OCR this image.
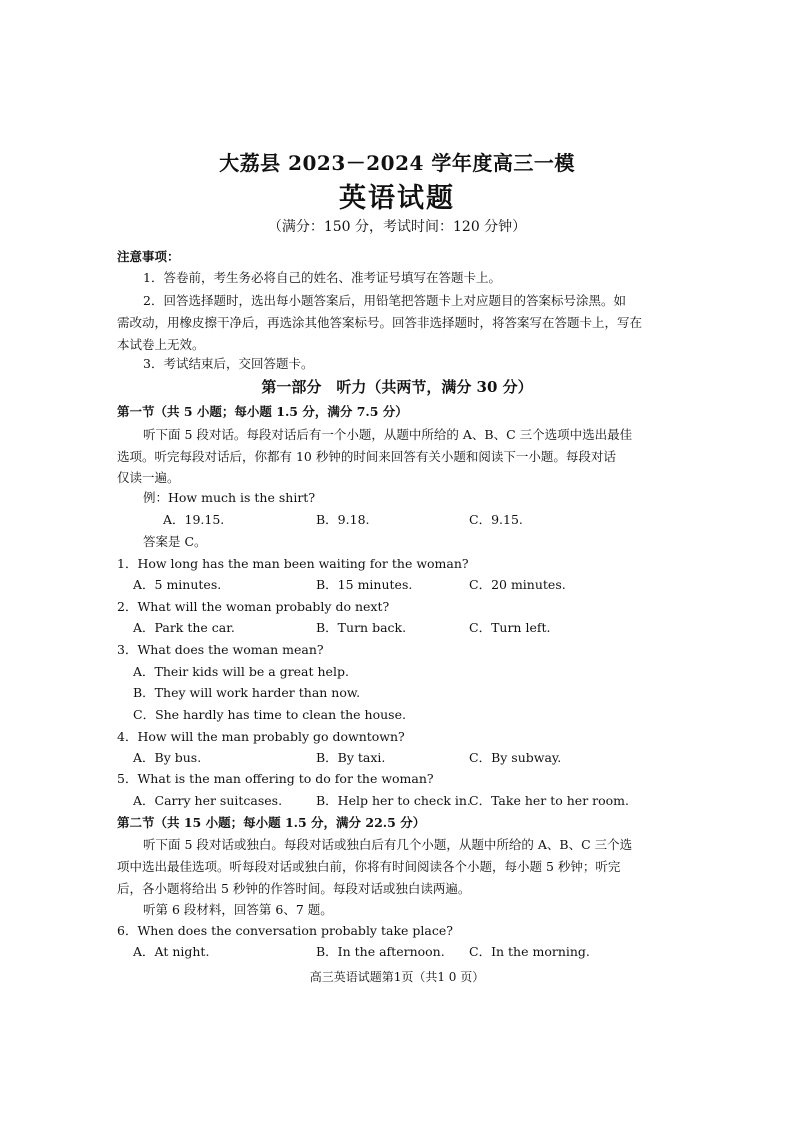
大荔县 2023－2024 学年度高三一模
英语试题
（满分：150 分，考试时间：120 分钟）
注意事项：
1．答卷前，考生务必将自己的姓名、准考证号填写在答题卡上。
2．回答选择题时，选出每小题答案后，用铅笔把答题卡上对应题目的答案标号涂黑。如
需改动，用橡皮擦干净后，再选涂其他答案标号。回答非选择题时，将答案写在答题卡上，写在
本试卷上无效。
3．考试结束后，交回答题卡。
第一部分　听力（共两节，满分 30 分）
第一节（共 5 小题；每小题 1.5 分，满分 7.5 分）
听下面 5 段对话。每段对话后有一个小题，从题中所给的 A、B、C 三个选项中选出最佳
选项。听完每段对话后，你都有 10 秒钟的时间来回答有关小题和阅读下一小题。每段对话
仅读一遍。
例：How much is the shirt?
A．19.15.	B．9.18.	C．9.15.
答案是 C。
1．How long has the man been waiting for the woman?
A．5 minutes.	B．15 minutes.	C．20 minutes.
2．What will the woman probably do next?
A．Park the car.	B．Turn back.	C．Turn left.
3．What does the woman mean?
A．Their kids will be a great help.
B．They will work harder than now.
C．She hardly has time to clean the house.
4．How will the man probably go downtown?
A．By bus.	B．By taxi.	C．By subway.
5．What is the man offering to do for the woman?
A．Carry her suitcases.	B．Help her to check in.
C．Take her to her room.
第二节（共 15 小题；每小题 1.5 分，满分 22.5 分）
听下面 5 段对话或独白。每段对话或独白后有几个小题，从题中所给的 A、B、C 三个选
项中选出最佳选项。听每段对话或独白前，你将有时间阅读各个小题，每小题 5 秒钟；听完
后，各小题将给出 5 秒钟的作答时间。每段对话或独白读两遍。
听第 6 段材料，回答第 6、7 题。
6．When does the conversation probably take place?
A．At night.	B．In the afternoon. C．In the morning.
高三英语试题第1页（共1 0 页）
